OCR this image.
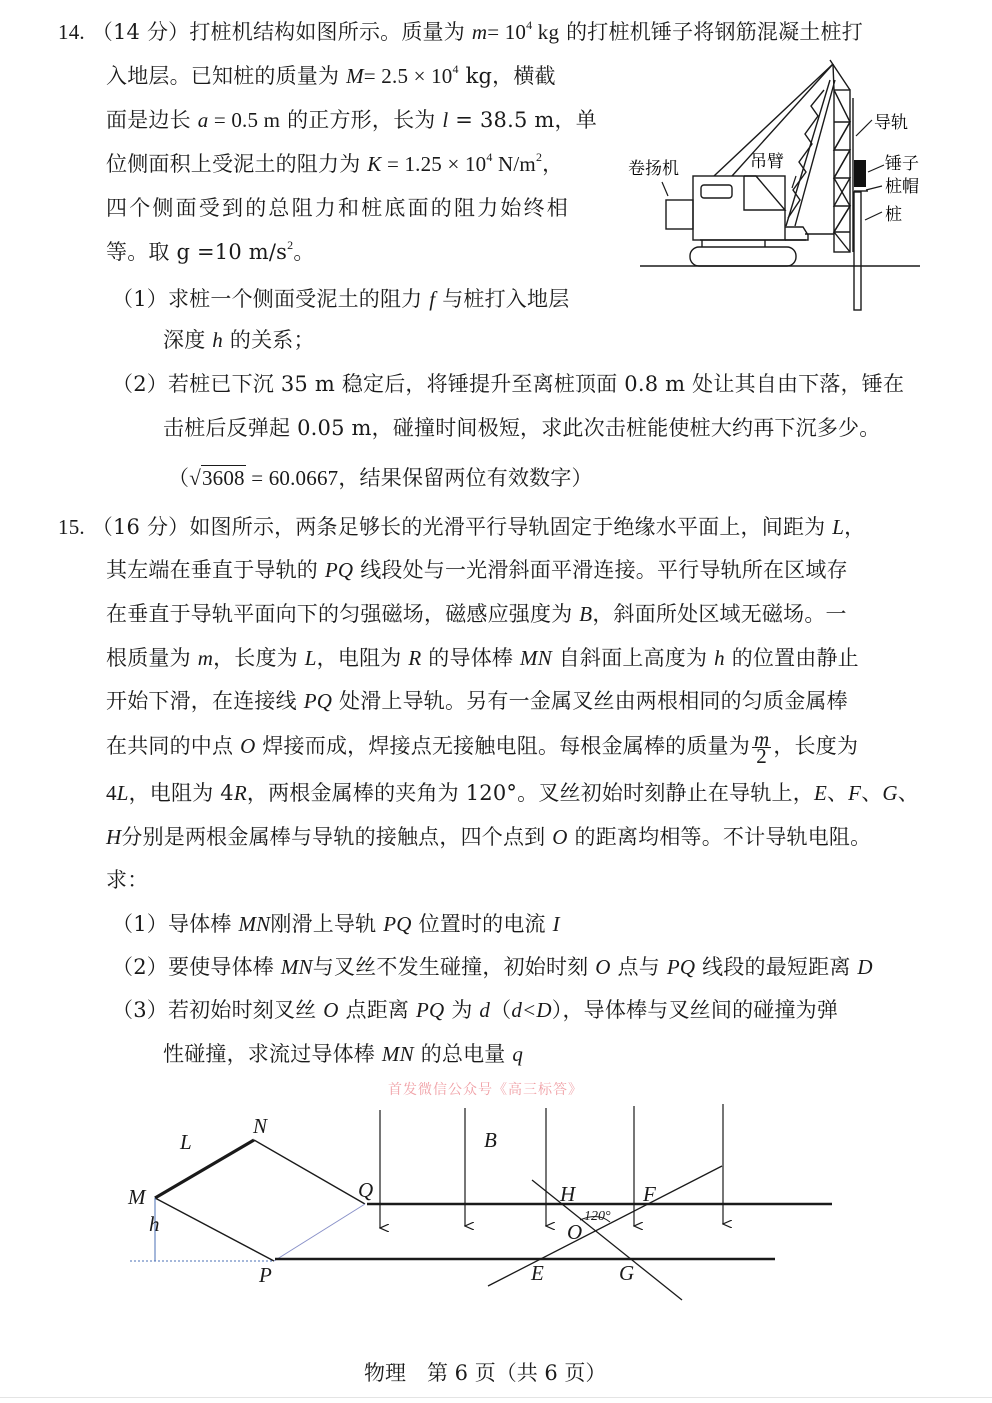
14. （14 分）打桩机结构如图所示。质量为 $m= 10^4$ kg 的打桩机锤子将钢筋混凝土桩打
入地层。已知桩的质量为 $M= 2.5 \times 10^4$ kg，横截
面是边长 a = 0.5 m 的正方形，长为 l = 38.5 m，单
位侧面积上受泥土的阻力为 $K = 1.25 \times 10^4$ $N/m^2$，
四个侧面受到的总阻力和桩底面的阻力始终相
等。取 g =10 $m/s^2$。
（1）求桩一个侧面受泥土的阻力 f 与桩打入地层
深度 h 的关系；
（2）若桩已下沉 35 m 稳定后，将锤提升至离桩顶面 0.8 m 处让其自由下落，锤在
击桩后反弹起 0.05 m，碰撞时间极短，求此次击桩能使桩大约再下沉多少。
（√3608 = 60.0667，结果保留两位有效数字）
卷扬机	吊臂
导轨
锤子
桩帽
桩
15. （16 分）如图所示，两条足够长的光滑平行导轨固定于绝缘水平面上，间距为 L，
其左端在垂直于导轨的 PQ 线段处与一光滑斜面平滑连接。平行导轨所在区域存
在垂直于导轨平面向下的匀强磁场，磁感应强度为 B，斜面所处区域无磁场。一
根质量为 m，长度为 L，电阻为 R 的导体棒 MN 自斜面上高度为 h 的位置由静止
开始下滑，在连接线 PQ 处滑上导轨。另有一金属叉丝由两根相同的匀质金属棒
在共同的中点 O 焊接而成，焊接点无接触电阻。每根金属棒的质量为 $\frac{m}{2}$ ，长度为
4L，电阻为 4R，两根金属棒的夹角为 120°。叉丝初始时刻静止在导轨上，E、F、G、
H分别是两根金属棒与导轨的接触点，四个点到 O 的距离均相等。不计导轨电阻。
求：
（1）导体棒 MN刚滑上导轨 PQ 位置时的电流 I
（2）要使导体棒 MN与叉丝不发生碰撞，初始时刻 O 点与 PQ 线段的最短距离 D
（3）若初始时刻叉丝 O 点距离 PQ 为 d（d<D），导体棒与叉丝间的碰撞为弹
性碰撞，求流过导体棒 MN 的总电量 q
首发微信公众号《高三标答》
L
N
M
h
Q
P
B
H	F
O
E	G
120°
物理　第 6 页（共 6 页）
